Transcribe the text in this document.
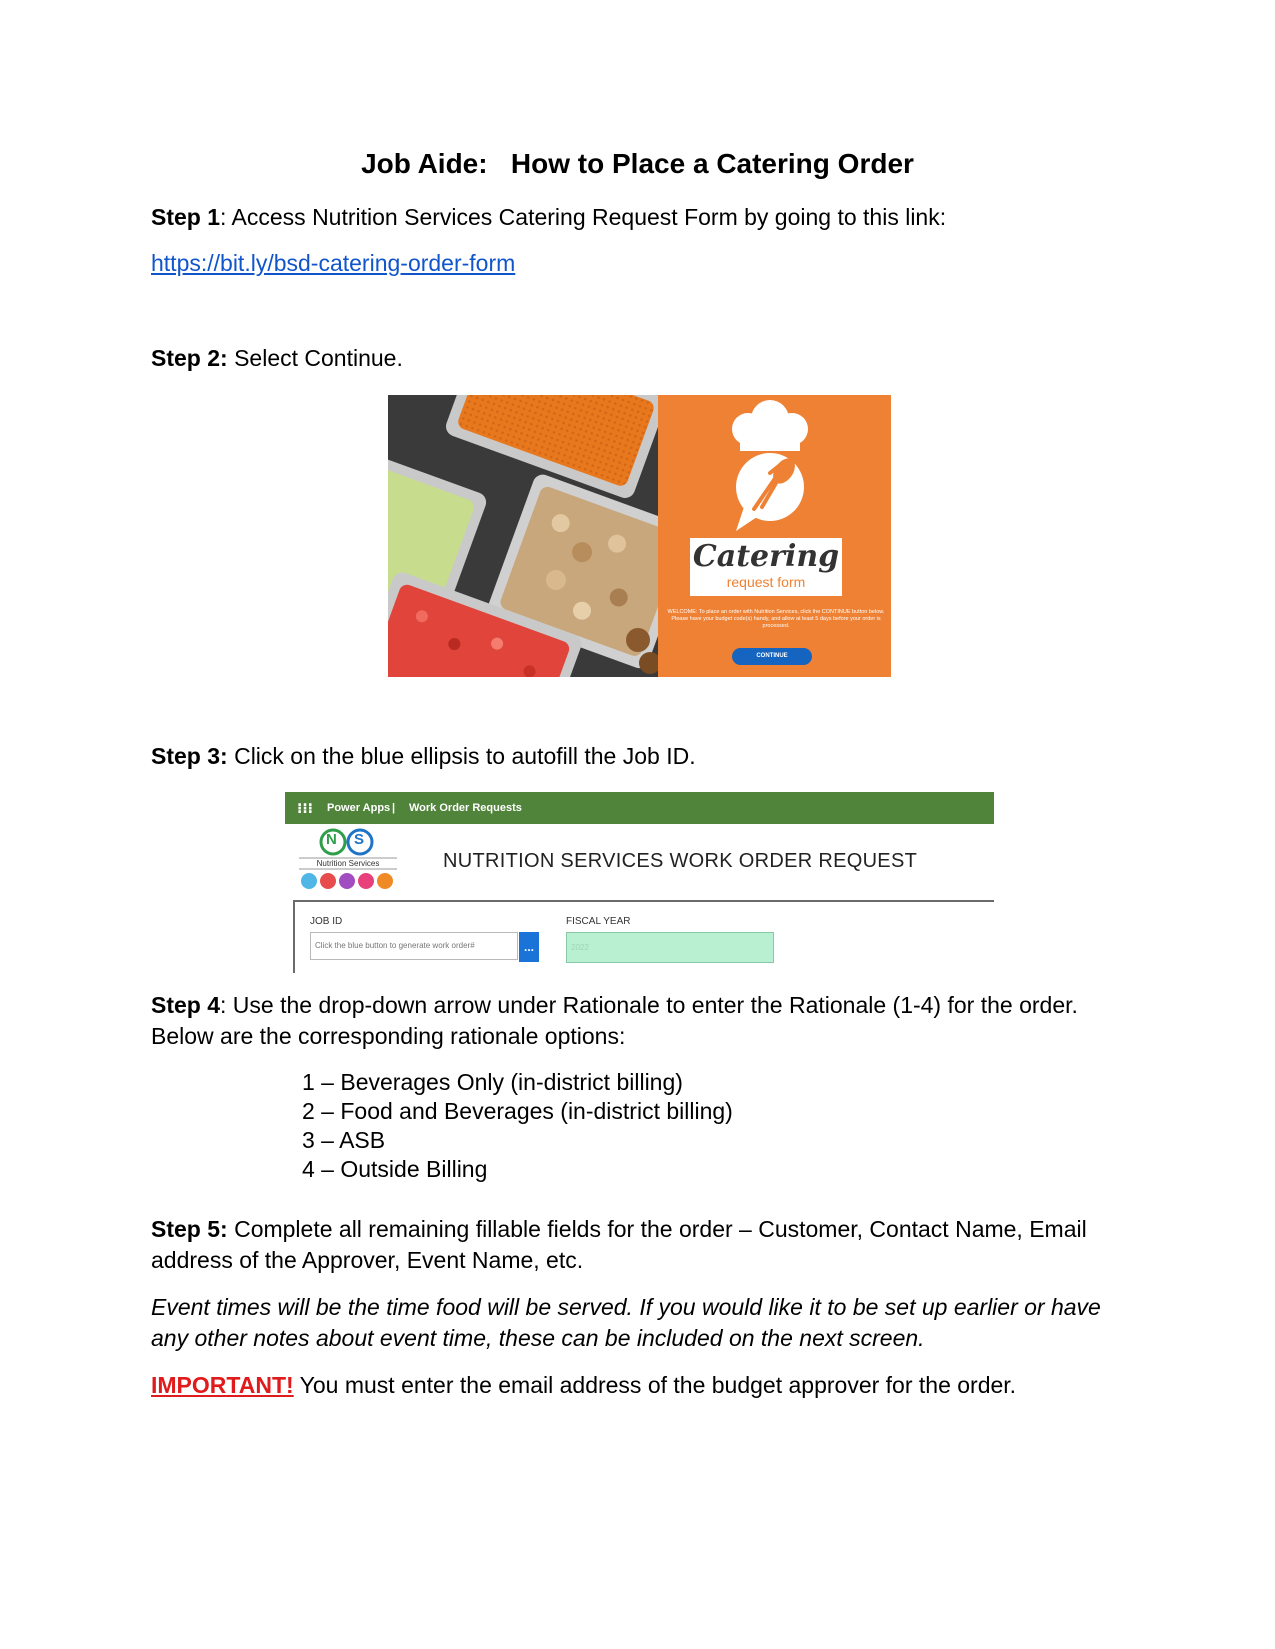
Job Aide:   How to Place a Catering Order

Step 1: Access Nutrition Services Catering Request Form by going to this link:

https://bit.ly/bsd-catering-order-form

Step 2: Select Continue.

Catering
request form
WELCOME: To place an order with Nutrition Services, click the CONTINUE button below. Please have your budget code(s) handy, and allow at least 5 days before your order is processed.
CONTINUE

Step 3: Click on the blue ellipsis to autofill the Job ID.

⁝⁝⁝ Power Apps | Work Order Requests
N S
Nutrition Services	NUTRITION SERVICES WORK ORDER REQUEST
JOB ID
Click the blue button to generate work order#	...
FISCAL YEAR
2022

Step 4: Use the drop-down arrow under Rationale to enter the Rationale (1-4) for the order. Below are the corresponding rationale options:

1 – Beverages Only (in-district billing)
2 – Food and Beverages (in-district billing)
3 – ASB
4 – Outside Billing

Step 5: Complete all remaining fillable fields for the order – Customer, Contact Name, Email address of the Approver, Event Name, etc.

Event times will be the time food will be served. If you would like it to be set up earlier or have any other notes about event time, these can be included on the next screen.

IMPORTANT! You must enter the email address of the budget approver for the order.
